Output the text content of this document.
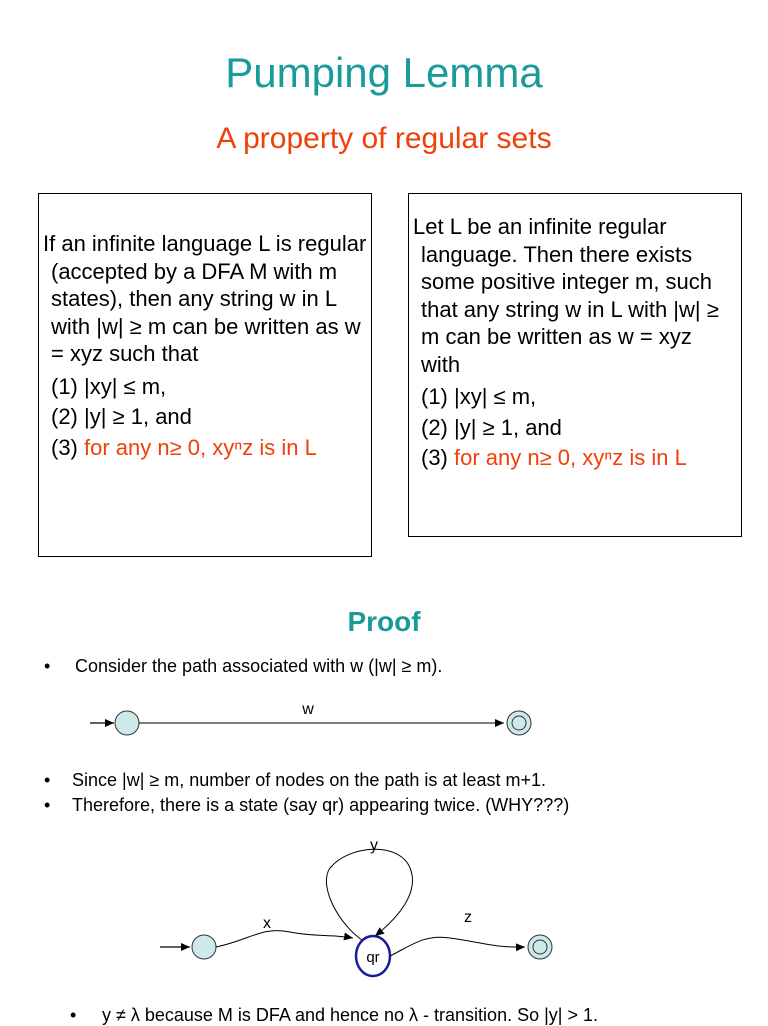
Pumping Lemma
A property of regular sets

If an infinite language L is regular (accepted by a DFA M with m states), then any string w in L with |w| ≥ m can be written as w = xyz such that

(1) |xy| ≤ m,

(2) |y| ≥ 1, and

(3) for any n≥ 0, xyⁿz is in L

Let L be an infinite regular language. Then there exists some positive integer m, such that any string w in L with |w| ≥ m can be written as w = xyz with

(1) |xy| ≤ m,

(2) |y| ≥ 1, and

(3) for any n≥ 0, xyⁿz is in L

Proof
• Consider the path associated with w (|w| ≥ m).
w
• Since |w| ≥ m, number of nodes on the path is at least m+1.
• Therefore, there is a state (say qr) appearing twice. (WHY???)
y
x	z
qr
• y ≠ λ because M is DFA and hence no λ - transition. So |y| > 1.
